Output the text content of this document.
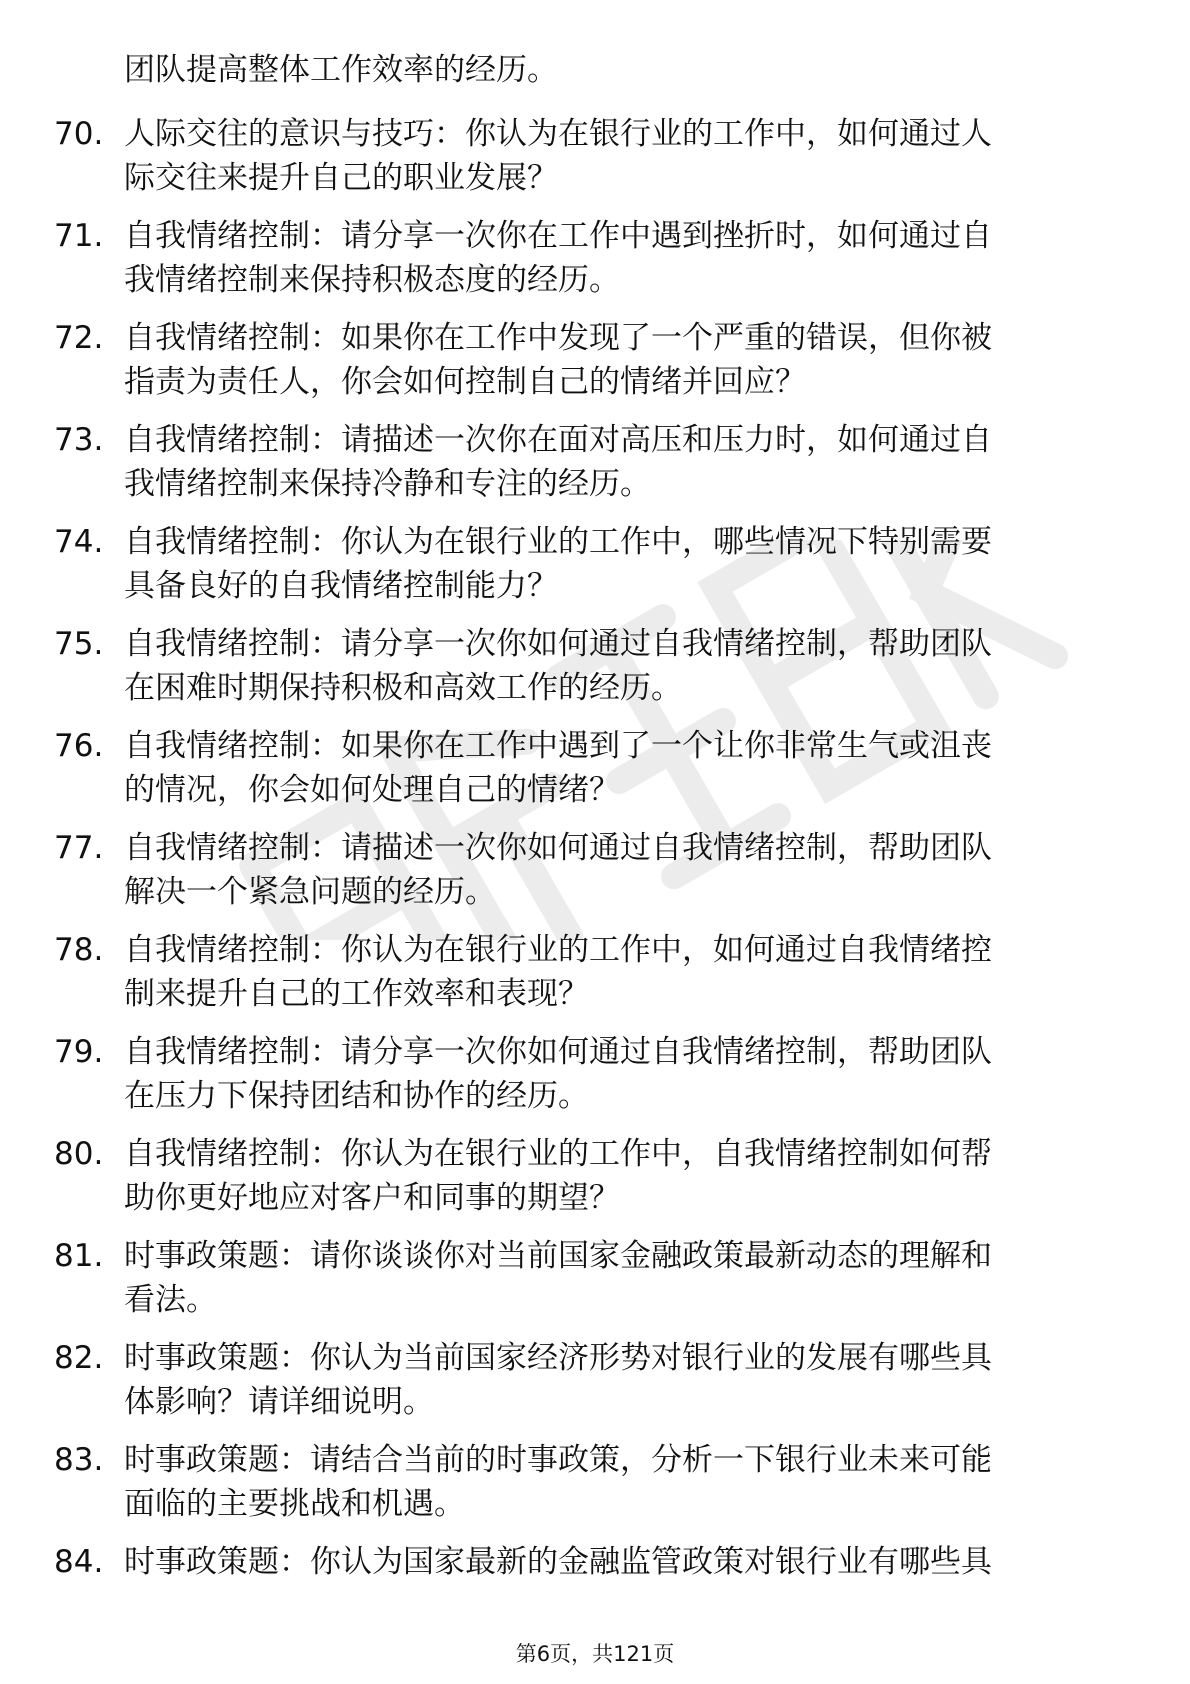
团队提高整体工作效率的经历。
70. 人际交往的意识与技巧：你认为在银行业的工作中，如何通过人
际交往来提升自己的职业发展？
71. 自我情绪控制：请分享一次你在工作中遇到挫折时，如何通过自
我情绪控制来保持积极态度的经历。
72. 自我情绪控制：如果你在工作中发现了一个严重的错误，但你被
指责为责任人，你会如何控制自己的情绪并回应？
73. 自我情绪控制：请描述一次你在面对高压和压力时，如何通过自
我情绪控制来保持冷静和专注的经历。
74. 自我情绪控制：你认为在银行业的工作中，哪些情况下特别需要
具备良好的自我情绪控制能力？
75. 自我情绪控制：请分享一次你如何通过自我情绪控制，帮助团队
在困难时期保持积极和高效工作的经历。
76. 自我情绪控制：如果你在工作中遇到了一个让你非常生气或沮丧
的情况，你会如何处理自己的情绪？
77. 自我情绪控制：请描述一次你如何通过自我情绪控制，帮助团队
解决一个紧急问题的经历。
78. 自我情绪控制：你认为在银行业的工作中，如何通过自我情绪控
制来提升自己的工作效率和表现？
79. 自我情绪控制：请分享一次你如何通过自我情绪控制，帮助团队
在压力下保持团结和协作的经历。
80. 自我情绪控制：你认为在银行业的工作中，自我情绪控制如何帮
助你更好地应对客户和同事的期望？
81. 时事政策题：请你谈谈你对当前国家金融政策最新动态的理解和
看法。
82. 时事政策题：你认为当前国家经济形势对银行业的发展有哪些具
体影响？请详细说明。
83. 时事政策题：请结合当前的时事政策，分析一下银行业未来可能
面临的主要挑战和机遇。
84. 时事政策题：你认为国家最新的金融监管政策对银行业有哪些具
第6页，共121页
